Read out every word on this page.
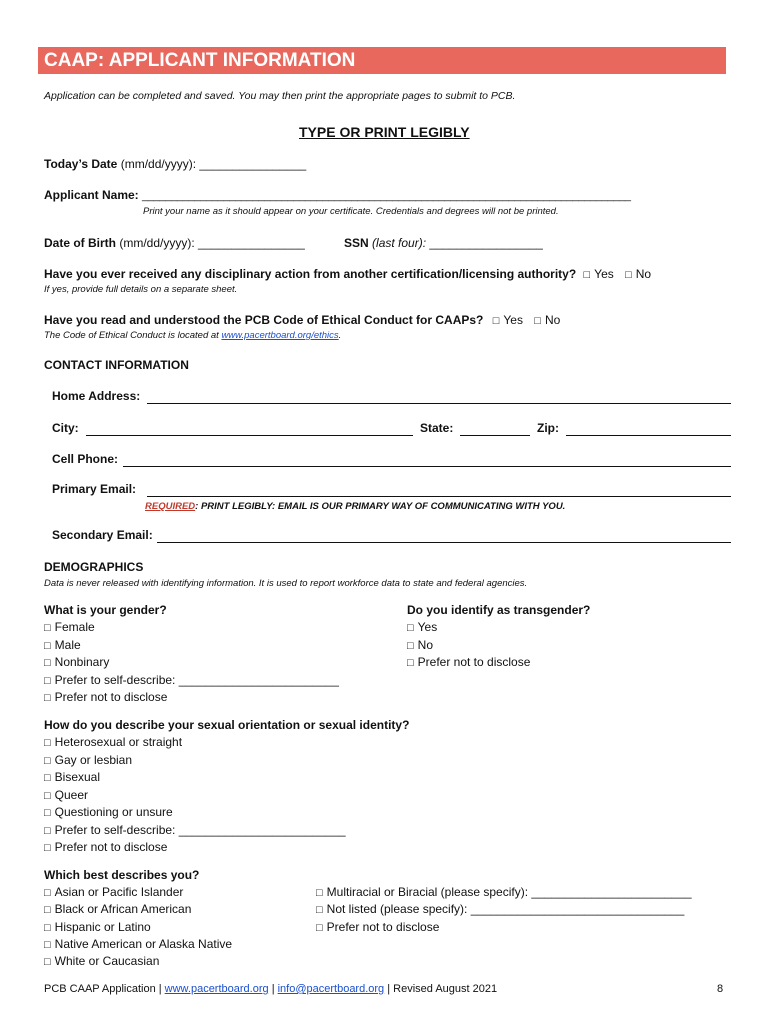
CAAP: APPLICANT INFORMATION
Application can be completed and saved. You may then print the appropriate pages to submit to PCB.
TYPE OR PRINT LEGIBLY
Today’s Date (mm/dd/yyyy): ________________
Applicant Name: ____________________________________________________________________________________
Print your name as it should appear on your certificate. Credentials and degrees will not be printed.
Date of Birth (mm/dd/yyyy): ________________	SSN (last four): _________________
Have you ever received any disciplinary action from another certification/licensing authority? □ Yes □ No
If yes, provide full details on a separate sheet.
Have you read and understood the PCB Code of Ethical Conduct for CAAPs? □ Yes □ No
The Code of Ethical Conduct is located at www.pacertboard.org/ethics.
CONTACT INFORMATION
Home Address:
City:	State:	Zip:
Cell Phone:
Primary Email:
REQUIRED: PRINT LEGIBLY: EMAIL IS OUR PRIMARY WAY OF COMMUNICATING WITH YOU.
Secondary Email:
DEMOGRAPHICS
Data is never released with identifying information. It is used to report workforce data to state and federal agencies.
What is your gender?
□ Female
□ Male
□ Nonbinary
□ Prefer to self-describe: ________________________
□ Prefer not to disclose
Do you identify as transgender?
□ Yes
□ No
□ Prefer not to disclose
How do you describe your sexual orientation or sexual identity?
□ Heterosexual or straight
□ Gay or lesbian
□ Bisexual
□ Queer
□ Questioning or unsure
□ Prefer to self-describe: _________________________
□ Prefer not to disclose
Which best describes you?
□ Asian or Pacific Islander
□ Black or African American
□ Hispanic or Latino
□ Native American or Alaska Native
□ White or Caucasian
□ Multiracial or Biracial (please specify): ________________________
□ Not listed (please specify): ________________________________
□ Prefer not to disclose
PCB CAAP Application | www.pacertboard.org | info@pacertboard.org | Revised August 2021	8
